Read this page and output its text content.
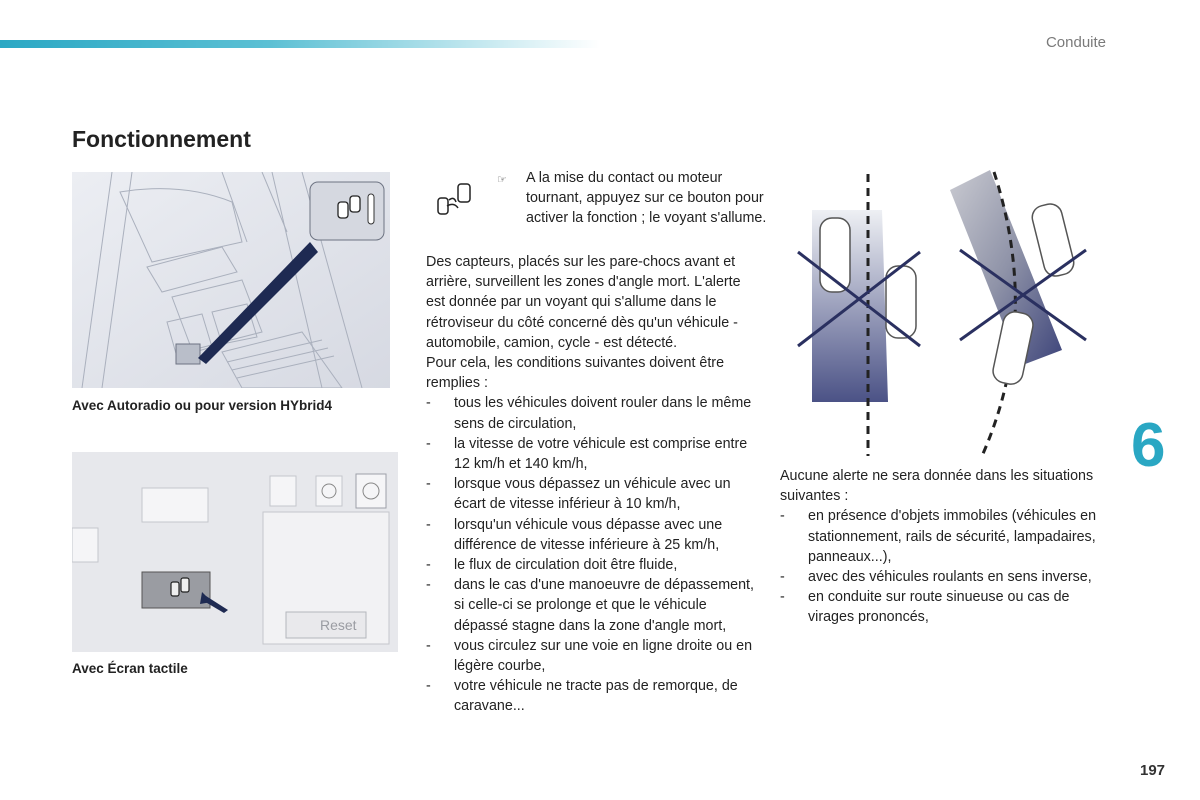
Conduite
Fonctionnement
Avec Autoradio ou pour version HYbrid4
Reset
Avec Écran tactile
☞ A la mise du contact ou moteur tournant, appuyez sur ce bouton pour activer la fonction ; le voyant s'allume.

Des capteurs, placés sur les pare-chocs avant et arrière, surveillent les zones d'angle mort. L'alerte est donnée par un voyant qui s'allume dans le rétroviseur du côté concerné dès qu'un véhicule - automobile, camion, cycle - est détecté.

Pour cela, les conditions suivantes doivent être remplies :

- tous les véhicules doivent rouler dans le même sens de circulation,
- la vitesse de votre véhicule est comprise entre 12 km/h et 140 km/h,
- lorsque vous dépassez un véhicule avec un écart de vitesse inférieur à 10 km/h,
- lorsqu'un véhicule vous dépasse avec une différence de vitesse inférieure à 25 km/h,
- le flux de circulation doit être fluide,
- dans le cas d'une manoeuvre de dépassement, si celle-ci se prolonge et que le véhicule dépassé stagne dans la zone d'angle mort,
- vous circulez sur une voie en ligne droite ou en légère courbe,
- votre véhicule ne tracte pas de remorque, de caravane...

Aucune alerte ne sera donnée dans les situations suivantes :

- en présence d'objets immobiles (véhicules en stationnement, rails de sécurité, lampadaires, panneaux...),
- avec des véhicules roulants en sens inverse,
- en conduite sur route sinueuse ou cas de virages prononcés,
6
197
